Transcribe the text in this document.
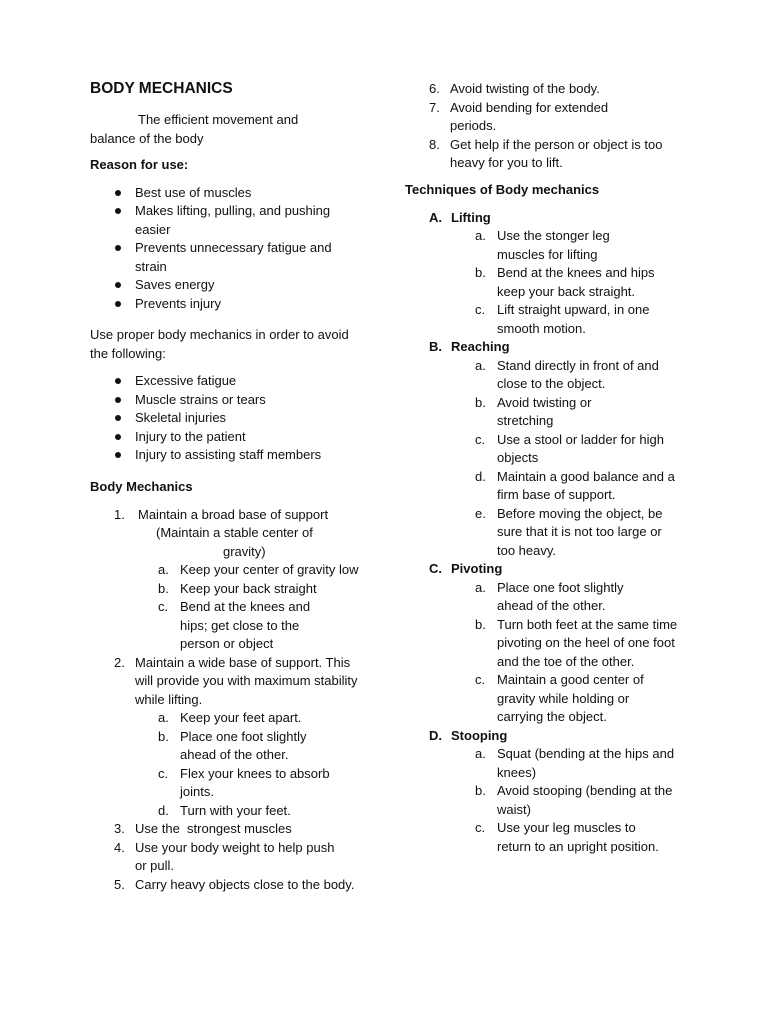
BODY MECHANICS
The efficient movement and
balance of the body

Reason for use:

Best use of muscles
Makes lifting, pulling, and pushing easier
Prevents unnecessary fatigue and strain
Saves energy
Prevents injury

Use proper body mechanics in order to avoid the following:

Excessive fatigue
Muscle strains or tears
Skeletal injuries
Injury to the patient
Injury to assisting staff members

Body Mechanics

1. Maintain a broad base of support
(Maintain a stable center of
gravity)
a. Keep your center of gravity low
b. Keep your back straight
c. Bend at the knees and hips; get close to the person or object
2. Maintain a wide base of support. This will provide you with maximum stability while lifting.
a. Keep your feet apart.
b. Place one foot slightly ahead of the other.
c. Flex your knees to absorb joints.
d. Turn with your feet.
3. Use the  strongest muscles
4. Use your body weight to help push or pull.
5. Carry heavy objects close to the body.
6. Avoid twisting of the body.
7. Avoid bending for extended periods.
8. Get help if the person or object is too heavy for you to lift.

Techniques of Body mechanics

A. Lifting
a. Use the stonger leg muscles for lifting
b. Bend at the knees and hips keep your back straight.
c. Lift straight upward, in one smooth motion.
B. Reaching
a. Stand directly in front of and close to the object.
b. Avoid twisting or stretching
c. Use a stool or ladder for high objects
d. Maintain a good balance and a firm base of support.
e. Before moving the object, be sure that it is not too large or too heavy.
C. Pivoting
a. Place one foot slightly ahead of the other.
b. Turn both feet at the same time pivoting on the heel of one foot and the toe of the other.
c. Maintain a good center of gravity while holding or carrying the object.
D. Stooping
a. Squat (bending at the hips and knees)
b. Avoid stooping (bending at the waist)
c. Use your leg muscles to return to an upright position.
